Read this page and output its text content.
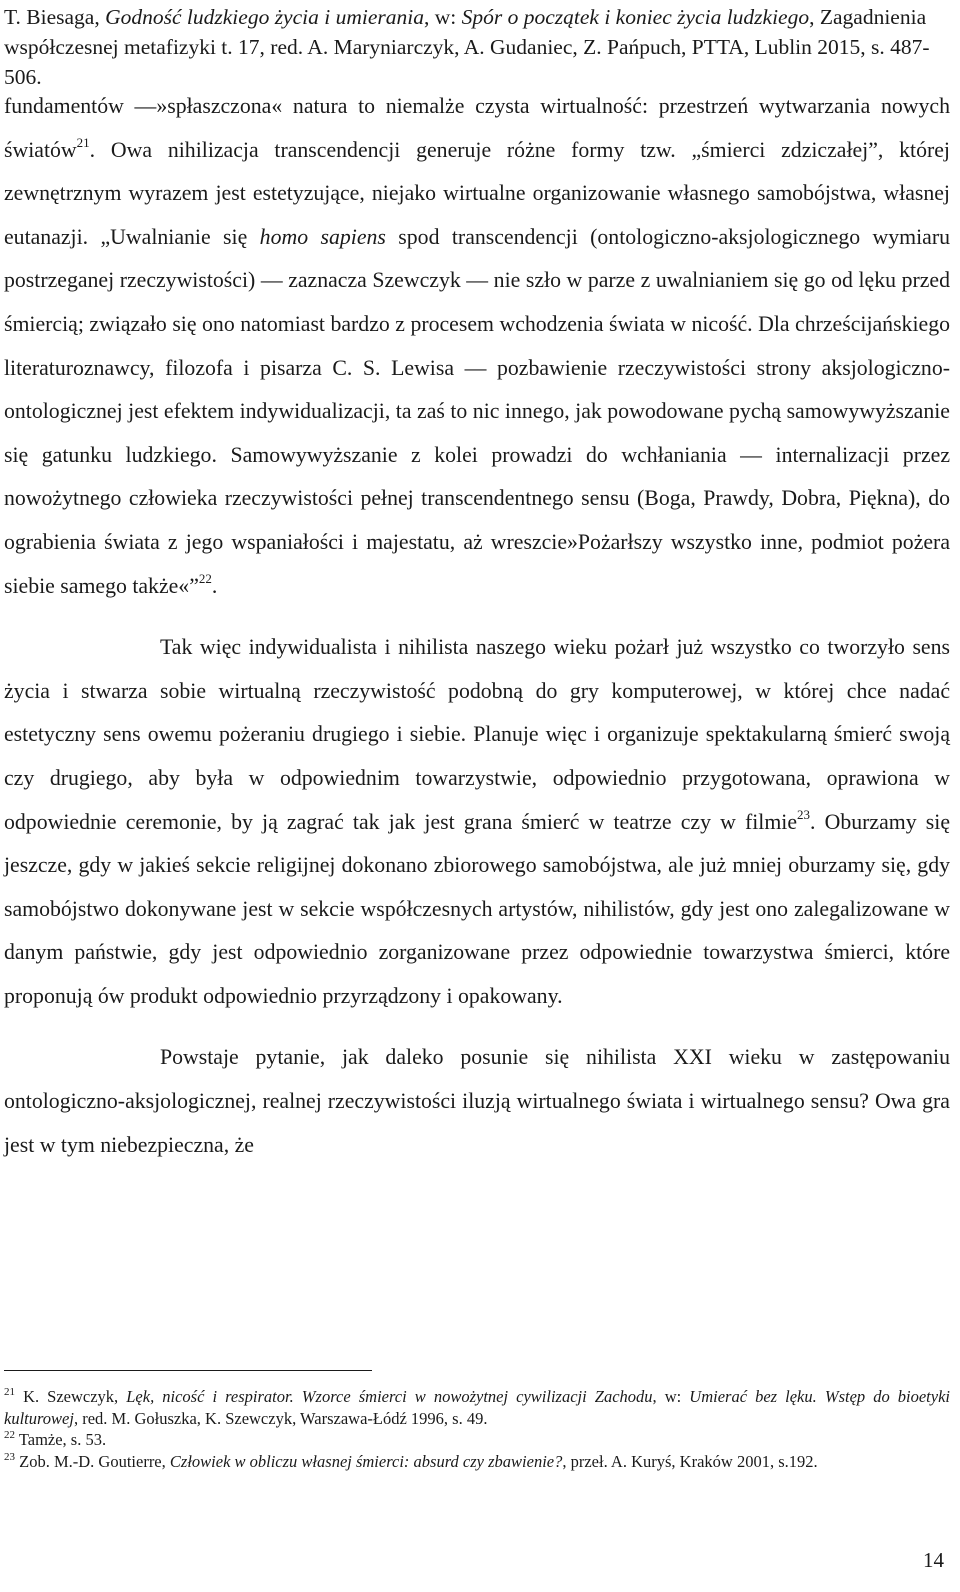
T. Biesaga, Godność ludzkiego życia i umierania, w: Spór o początek i koniec życia ludzkiego, Zagadnienia współczesnej metafizyki t. 17, red. A. Maryniarczyk, A. Gudaniec, Z. Pańpuch, PTTA, Lublin 2015, s. 487-506.

fundamentów —»spłaszczona« natura to niemalże czysta wirtualność: przestrzeń wytwarzania nowych światów$^{21}$. Owa nihilizacja transcendencji generuje różne formy tzw. „śmierci zdziczałej”, której zewnętrznym wyrazem jest estetyzujące, niejako wirtualne organizowanie własnego samobójstwa, własnej eutanazji. „Uwalnianie się homo sapiens spod transcendencji (ontologiczno-aksjologicznego wymiaru postrzeganej rzeczywistości) — zaznacza Szewczyk — nie szło w parze z uwalnianiem się go od lęku przed śmiercią; związało się ono natomiast bardzo z procesem wchodzenia świata w nicość. Dla chrześcijańskiego literaturoznawcy, filozofa i pisarza C. S. Lewisa — pozbawienie rzeczywistości strony aksjologiczno-ontologicznej jest efektem indywidualizacji, ta zaś to nic innego, jak powodowane pychą samowywyższanie się gatunku ludzkiego. Samowywyższanie z kolei prowadzi do wchłaniania — internalizacji przez nowożytnego człowieka rzeczywistości pełnej transcendentnego sensu (Boga, Prawdy, Dobra, Piękna), do ograbienia świata z jego wspaniałości i majestatu, aż wreszcie»Pożarłszy wszystko inne, podmiot pożera siebie samego także«”$^{22}$.

Tak więc indywidualista i nihilista naszego wieku pożarł już wszystko co tworzyło sens życia i stwarza sobie wirtualną rzeczywistość podobną do gry komputerowej, w której chce nadać estetyczny sens owemu pożeraniu drugiego i siebie. Planuje więc i organizuje spektakularną śmierć swoją czy drugiego, aby była w odpowiednim towarzystwie, odpowiednio przygotowana, oprawiona w odpowiednie ceremonie, by ją zagrać tak jak jest grana śmierć w teatrze czy w filmie$^{23}$. Oburzamy się jeszcze, gdy w jakieś sekcie religijnej dokonano zbiorowego samobójstwa, ale już mniej oburzamy się, gdy samobójstwo dokonywane jest w sekcie współczesnych artystów, nihilistów, gdy jest ono zalegalizowane w danym państwie, gdy jest odpowiednio zorganizowane przez odpowiednie towarzystwa śmierci, które proponują ów produkt odpowiednio przyrządzony i opakowany.

Powstaje pytanie, jak daleko posunie się nihilista XXI wieku w zastępowaniu ontologiczno-aksjologicznej, realnej rzeczywistości iluzją wirtualnego świata i wirtualnego sensu? Owa gra jest w tym niebezpieczna, że

$^{21}$ K. Szewczyk, Lęk, nicość i respirator. Wzorce śmierci w nowożytnej cywilizacji Zachodu, w: Umierać bez lęku. Wstęp do bioetyki kulturowej, red. M. Gołuszka, K. Szewczyk, Warszawa-Łódź 1996, s. 49.

$^{22}$ Tamże, s. 53.

$^{23}$ Zob. M.-D. Goutierre, Człowiek w obliczu własnej śmierci: absurd czy zbawienie?, przeł. A. Kuryś, Kraków 2001, s.192.

14
